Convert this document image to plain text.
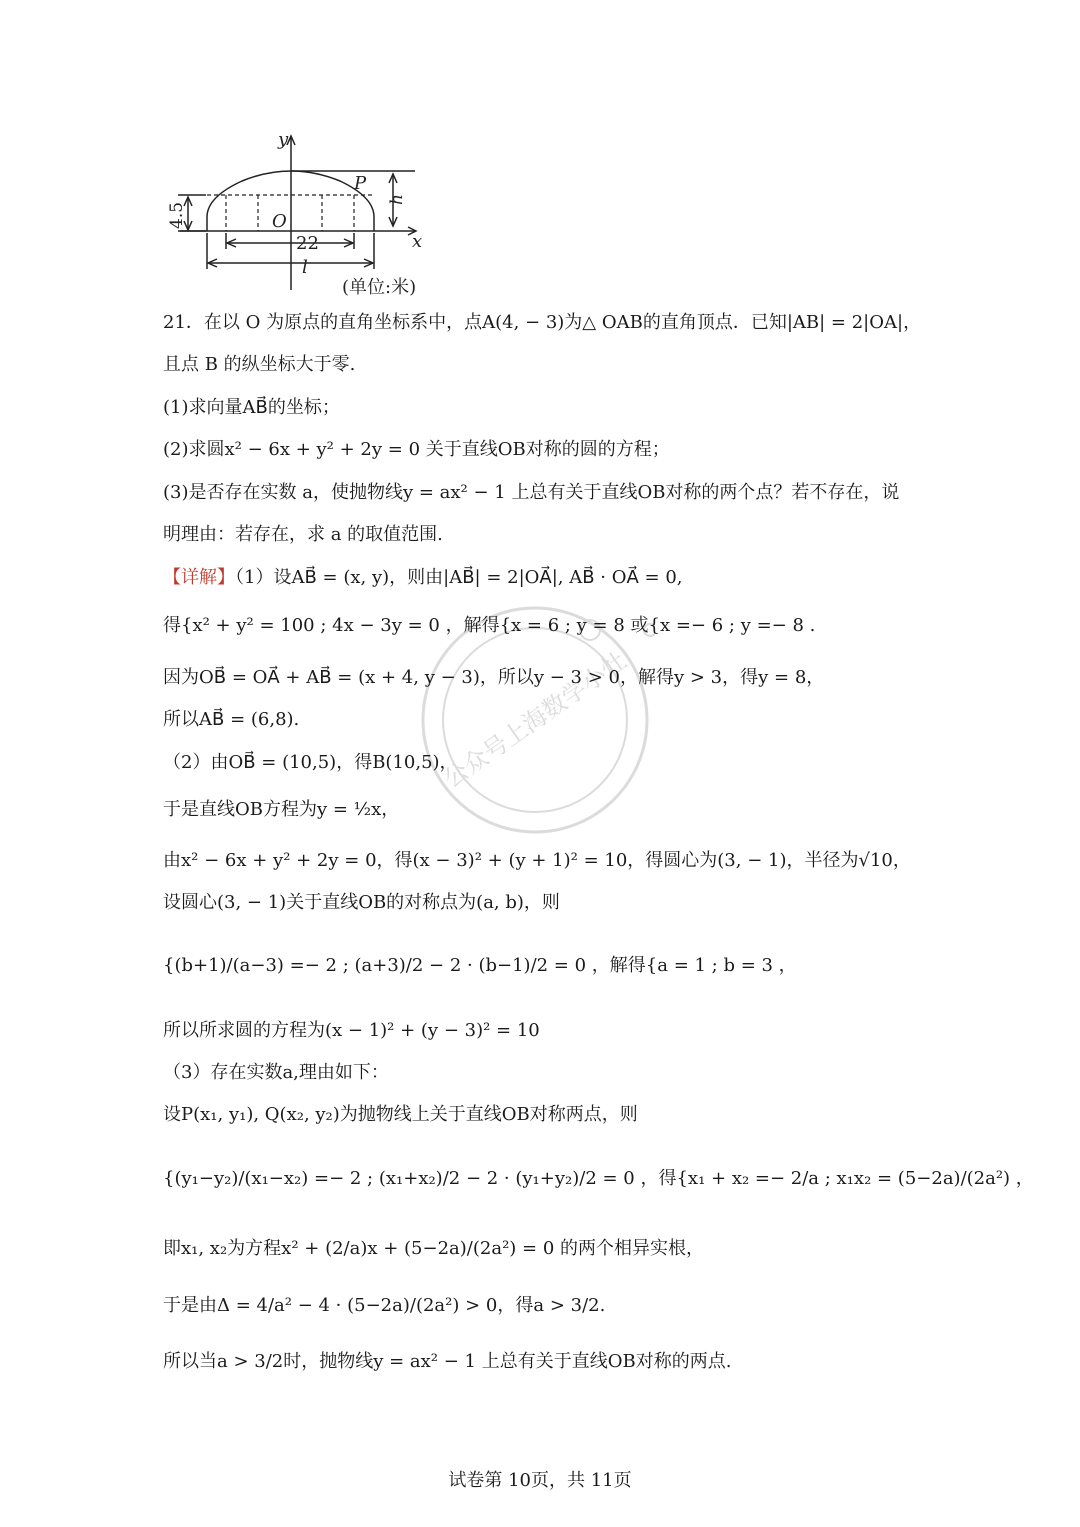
y
x
O
P
l
22
(单位:米)
h
4.5
公众号上海数学小灶
21．在以 O 为原点的直角坐标系中，点A(4, − 3)为△ OAB的直角顶点．已知|AB| = 2|OA|，
且点 B 的纵坐标大于零.
(1)求向量AB⃗的坐标；
(2)求圆x² − 6x + y² + 2y = 0 关于直线OB对称的圆的方程；
(3)是否存在实数 a，使抛物线y = ax² − 1 上总有关于直线OB对称的两个点？若不存在，说
明理由：若存在，求 a 的取值范围.
【详解】（1）设AB⃗ = (x, y)，则由|AB⃗| = 2|OA⃗|, AB⃗ · OA⃗ = 0,
得{x² + y² = 100 ; 4x − 3y = 0 ，解得{x = 6 ; y = 8 或{x =− 6 ; y =− 8 .
因为OB⃗ = OA⃗ + AB⃗ = (x + 4, y − 3)，所以y − 3 > 0，解得y > 3，得y = 8，
所以AB⃗ = (6,8).
（2）由OB⃗ = (10,5)，得B(10,5)，
于是直线OB方程为y = ½x，
由x² − 6x + y² + 2y = 0，得(x − 3)² + (y + 1)² = 10，得圆心为(3, − 1)，半径为√10，
设圆心(3, − 1)关于直线OB的对称点为(a, b)，则
{(b+1)/(a−3) =− 2 ; (a+3)/2 − 2 · (b−1)/2 = 0 ，解得{a = 1 ; b = 3 ，
所以所求圆的方程为(x − 1)² + (y − 3)² = 10
（3）存在实数a,理由如下：
设P(x₁, y₁), Q(x₂, y₂)为抛物线上关于直线OB对称两点，则
{(y₁−y₂)/(x₁−x₂) =− 2 ; (x₁+x₂)/2 − 2 · (y₁+y₂)/2 = 0 ，得{x₁ + x₂ =− 2/a ; x₁x₂ = (5−2a)/(2a²) ，
即x₁, x₂为方程x² + (2/a)x + (5−2a)/(2a²) = 0 的两个相异实根，
于是由Δ = 4/a² − 4 · (5−2a)/(2a²) > 0，得a > 3/2.
所以当a > 3/2时，抛物线y = ax² − 1 上总有关于直线OB对称的两点.
试卷第 10页，共 11页
